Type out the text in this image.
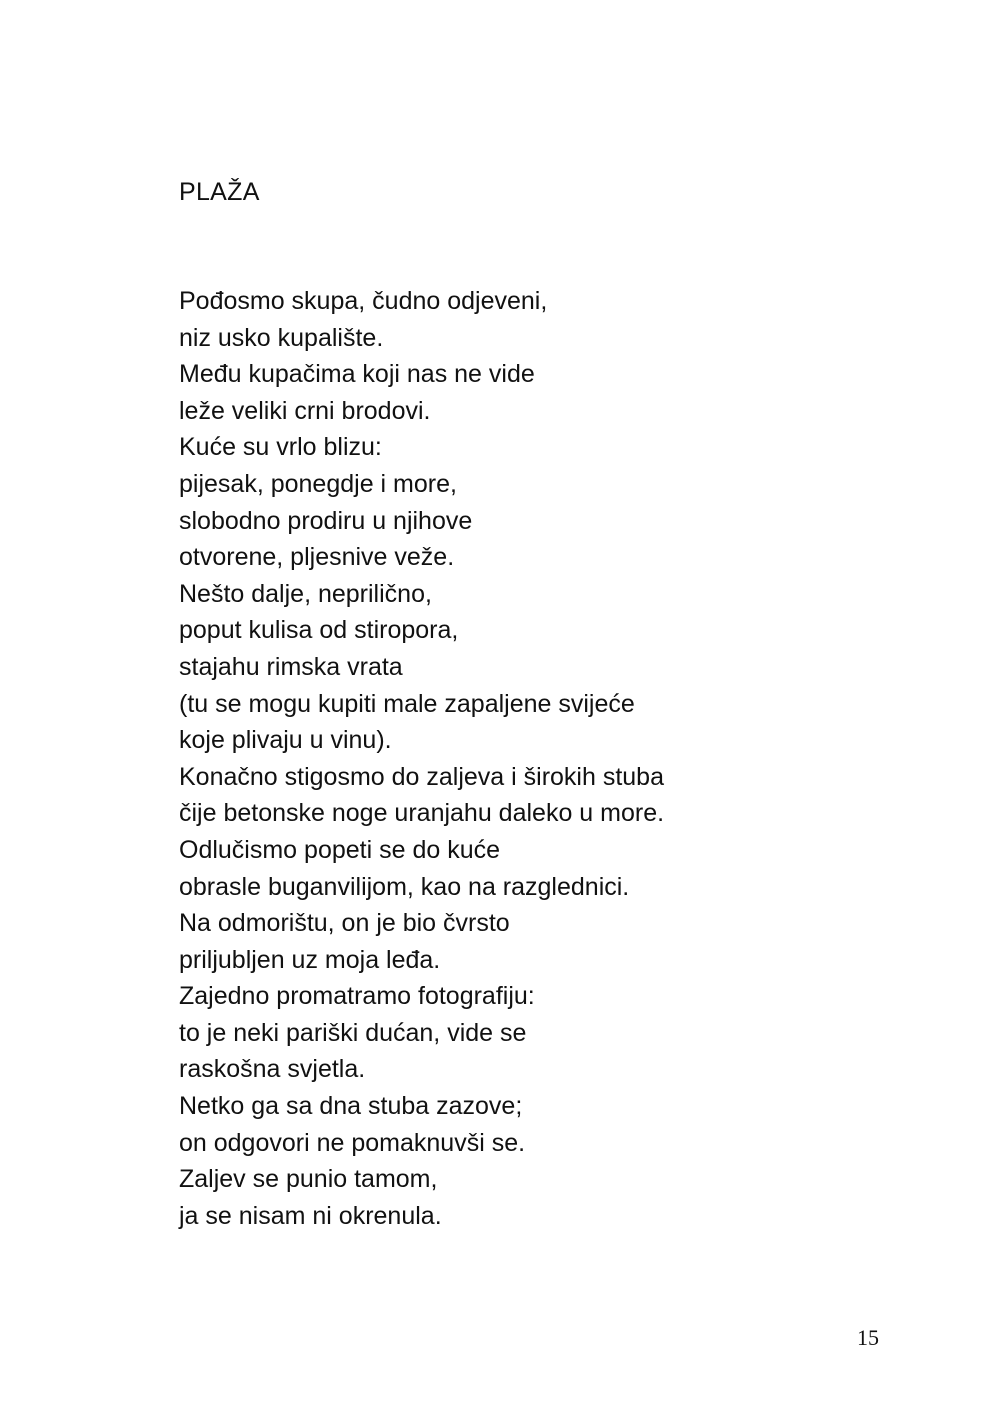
PLAŽA
Pođosmo skupa, čudno odjeveni,
niz usko kupalište.
Među kupačima koji nas ne vide
leže veliki crni brodovi.
Kuće su vrlo blizu:
pijesak, ponegdje i more,
slobodno prodiru u njihove
otvorene, pljesnive veže.
Nešto dalje, nepriličnо,
poput kulisa od stiropora,
stajahu rimska vrata
(tu se mogu kupiti male zapaljene svijeće
koje plivaju u vinu).
Konačno stigosmo do zaljeva i širokih stuba
čije betonske noge uranjahu daleko u more.
Odlučismo popeti se do kuće
obrasle buganvilijom, kao na razglednici.
Na odmorištu, on je bio čvrsto
priljubljen uz moja leđa.
Zajedno promatramo fotografiju:
to je neki pariški dućan, vide se
raskošna svjetla.
Netko ga sa dna stuba zazove;
on odgovori ne pomaknuvši se.
Zaljev se punio tamom,
ja se nisam ni okrenula.
15
